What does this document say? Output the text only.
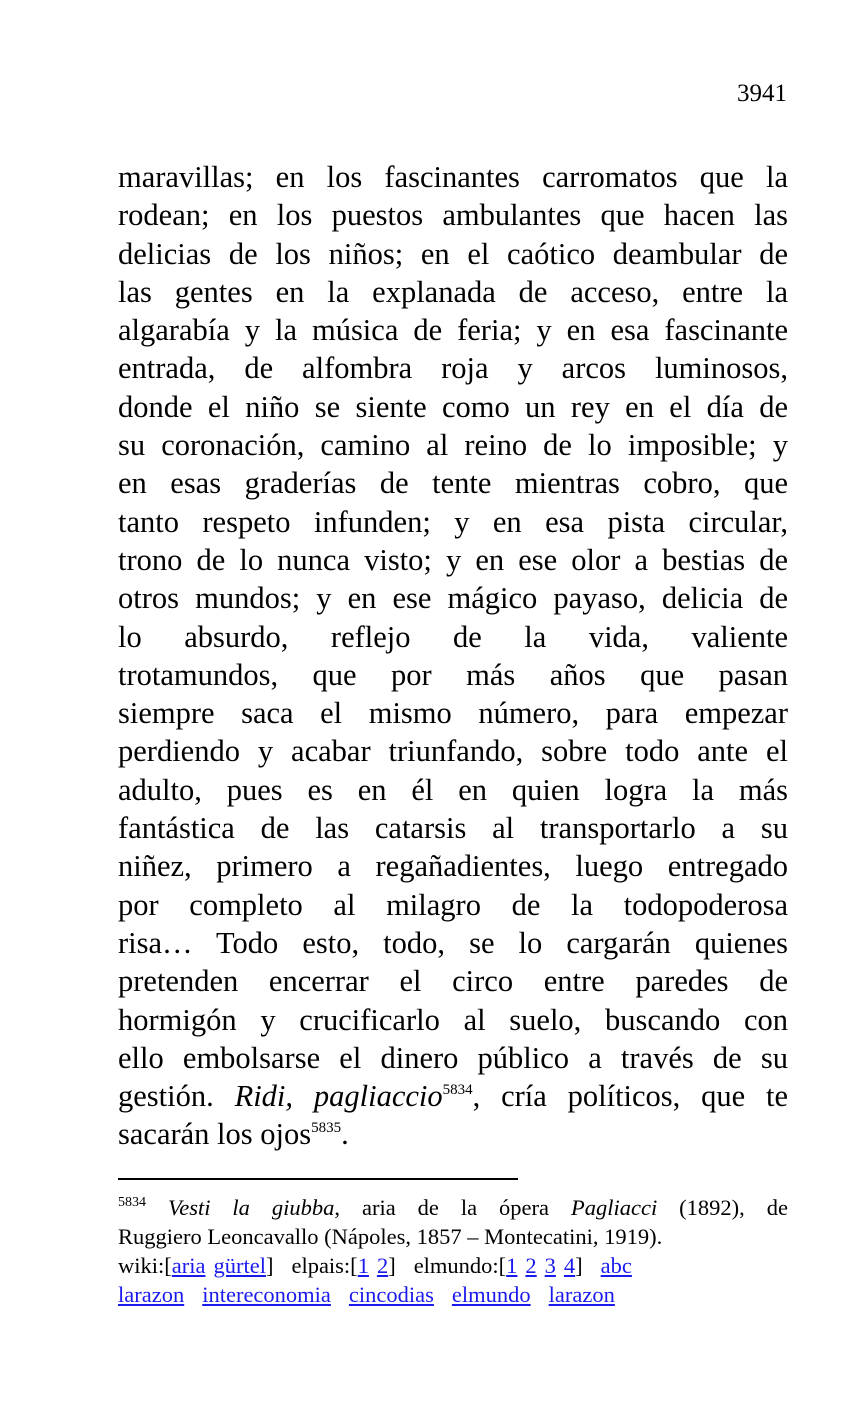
3941
maravillas; en los fascinantes carromatos que la
rodean; en los puestos ambulantes que hacen las
delicias de los niños; en el caótico deambular de
las gentes en la explanada de acceso, entre la
algarabía y la música de feria; y en esa fascinante
entrada, de alfombra roja y arcos luminosos,
donde el niño se siente como un rey en el día de
su coronación, camino al reino de lo imposible; y
en esas graderías de tente mientras cobro, que
tanto respeto infunden; y en esa pista circular,
trono de lo nunca visto; y en ese olor a bestias de
otros mundos; y en ese mágico payaso, delicia de
lo absurdo, reflejo de la vida, valiente
trotamundos, que por más años que pasan
siempre saca el mismo número, para empezar
perdiendo y acabar triunfando, sobre todo ante el
adulto, pues es en él en quien logra la más
fantástica de las catarsis al transportarlo a su
niñez, primero a regañadientes, luego entregado
por completo al milagro de la todopoderosa
risa… Todo esto, todo, se lo cargarán quienes
pretenden encerrar el circo entre paredes de
hormigón y crucificarlo al suelo, buscando con
ello embolsarse el dinero público a través de su
gestión. Ridi, pagliaccio$^{5834}$, cría políticos, que te
sacarán los ojos$^{5835}$.
$^{5834}$ Vesti la giubba, aria de la ópera Pagliacci (1892), de
Ruggiero Leoncavallo (Nápoles, 1857 – Montecatini, 1919).
wiki:[aria gürtel] elpais:[1 2] elmundo:[1 2 3 4] abc
larazon intereconomia cincodias elmundo larazon
